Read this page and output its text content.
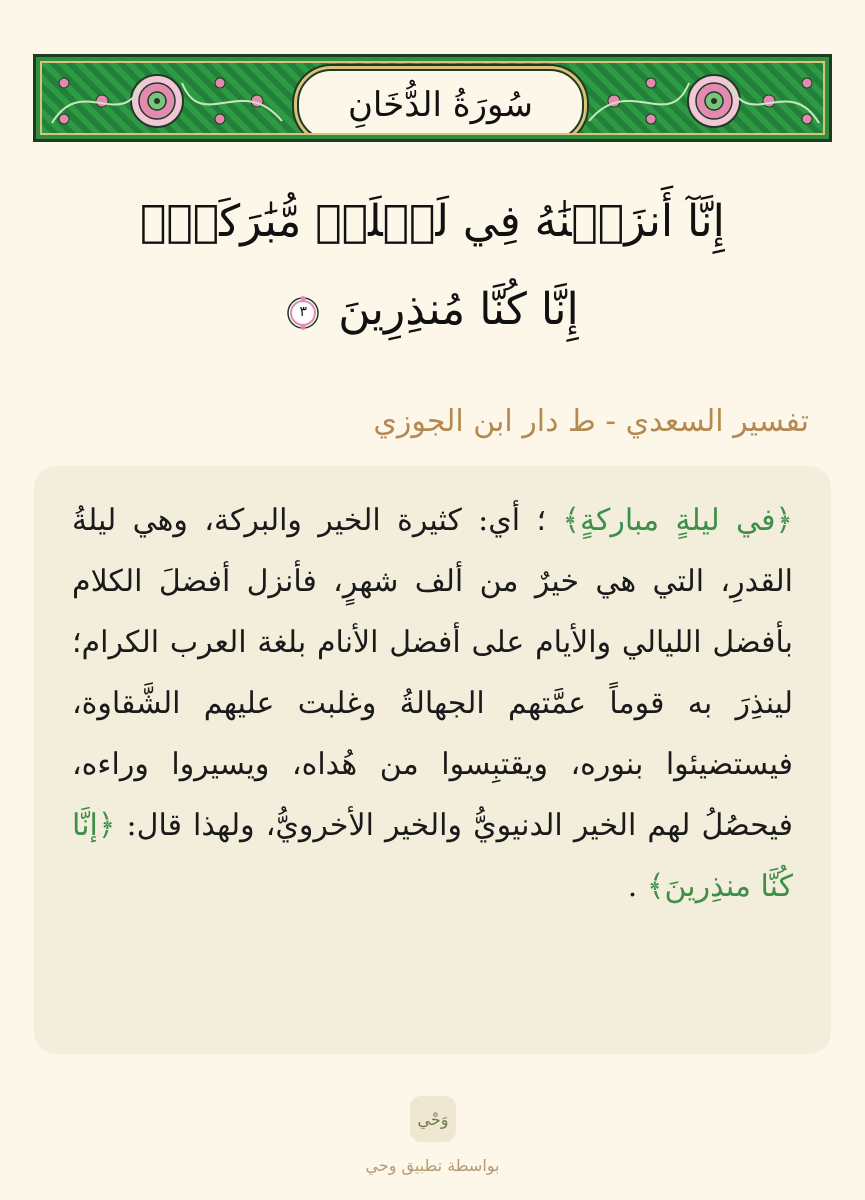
سُورَةُ الدُّخَانِ
إِنَّآ أَنزَلۡنَٰهُ فِي لَيۡلَةٖ مُّبَٰرَكَةٍۚ
إِنَّا كُنَّا مُنذِرِينَ
٣
تفسير السعدي - ط دار ابن الجوزي

﴿في ليلةٍ مباركةٍ﴾ ؛ أي: كثيرة الخير والبركة، وهي ليلةُ القدرِ، التي هي خيرٌ من ألف شهرٍ، فأنزل أفضلَ الكلام بأفضل الليالي والأيام على أفضل الأنام بلغة العرب الكرام؛ لينذِرَ به قوماً عمَّتهم الجهالةُ وغلبت عليهم الشَّقاوة، فيستضيئوا بنوره، ويقتبِسوا من هُداه، ويسيروا وراءه، فيحصُلُ لهم الخير الدنيويُّ والخير الأخرويُّ، ولهذا قال: ﴿إنَّا كُنَّا منذِرينَ﴾ .

وَحْي
بواسطة تطبيق وحي
